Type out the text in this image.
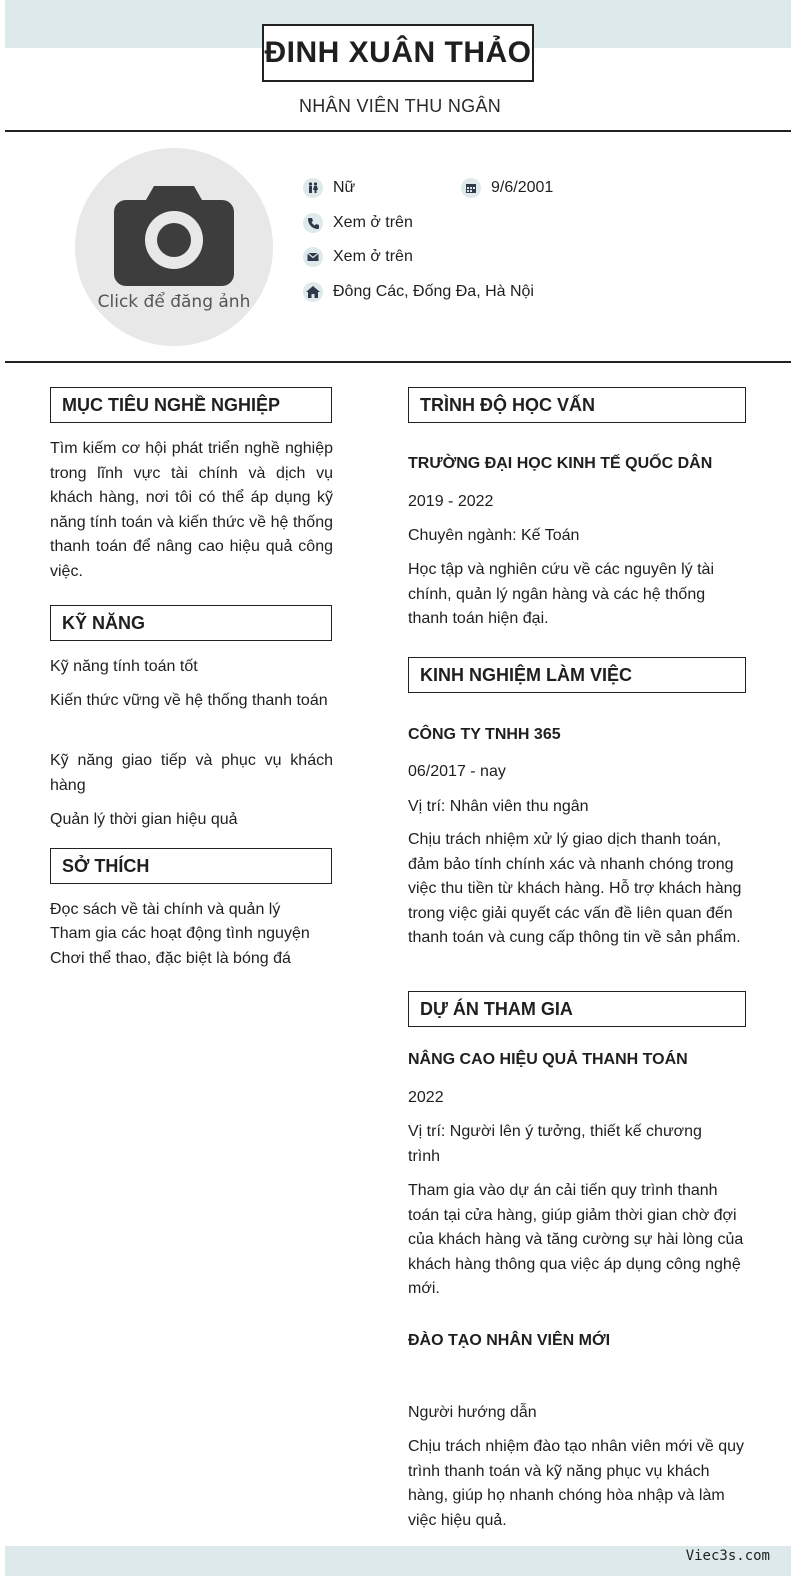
Viec3s.com
ĐINH XUÂN THẢO
NHÂN VIÊN THU NGÂN
Click để đăng ảnh
Nữ	9/6/2001
Xem ở trên
Xem ở trên
Đông Các, Đống Đa, Hà Nội
MỤC TIÊU NGHỀ NGHIỆP
Tìm kiếm cơ hội phát triển nghề nghiệp trong lĩnh vực tài chính và dịch vụ khách hàng, nơi tôi có thể áp dụng kỹ năng tính toán và kiến thức về hệ thống thanh toán để nâng cao hiệu quả công việc.
KỸ NĂNG
Kỹ năng tính toán tốt
Kiến thức vững về hệ thống thanh toán
Kỹ năng giao tiếp và phục vụ khách hàng
Quản lý thời gian hiệu quả
SỞ THÍCH
Đọc sách về tài chính và quản lý
Tham gia các hoạt động tình nguyện
Chơi thể thao, đặc biệt là bóng đá
TRÌNH ĐỘ HỌC VẤN
TRƯỜNG ĐẠI HỌC KINH TẾ QUỐC DÂN
2019 - 2022
Chuyên ngành: Kế Toán
Học tập và nghiên cứu về các nguyên lý tài chính, quản lý ngân hàng và các hệ thống thanh toán hiện đại.
KINH NGHIỆM LÀM VIỆC
CÔNG TY TNHH 365
06/2017 - nay
Vị trí: Nhân viên thu ngân
Chịu trách nhiệm xử lý giao dịch thanh toán, đảm bảo tính chính xác và nhanh chóng trong việc thu tiền từ khách hàng. Hỗ trợ khách hàng trong việc giải quyết các vấn đề liên quan đến thanh toán và cung cấp thông tin về sản phẩm.
DỰ ÁN THAM GIA
NÂNG CAO HIỆU QUẢ THANH TOÁN
2022
Vị trí: Người lên ý tưởng, thiết kế chương trình
Tham gia vào dự án cải tiến quy trình thanh toán tại cửa hàng, giúp giảm thời gian chờ đợi của khách hàng và tăng cường sự hài lòng của khách hàng thông qua việc áp dụng công nghệ mới.
ĐÀO TẠO NHÂN VIÊN MỚI
Người hướng dẫn
Chịu trách nhiệm đào tạo nhân viên mới về quy trình thanh toán và kỹ năng phục vụ khách hàng, giúp họ nhanh chóng hòa nhập và làm việc hiệu quả.
